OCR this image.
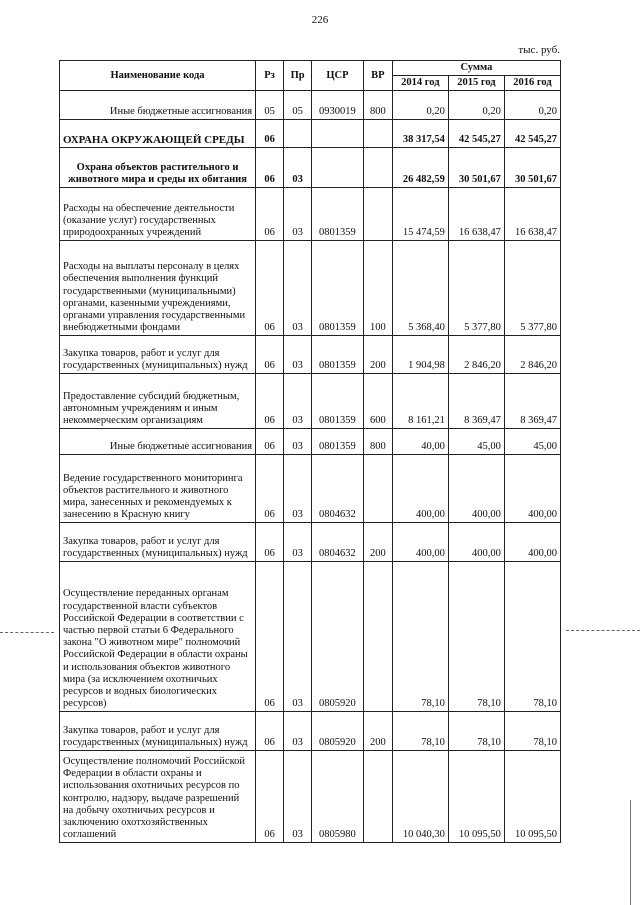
226
тыс. руб.
Наименование кода	Рз	Пр	ЦСР	ВР	Сумма		
					2014 год	2015 год	2016 год
Иные бюджетные ассигнования	05	05	0930019	800	0,20	0,20	0,20
ОХРАНА ОКРУЖАЮЩЕЙ СРЕДЫ	06				38 317,54	42 545,27	42 545,27
Охрана объектов растительного и животного мира и среды их обитания	06	03			26 482,59	30 501,67	30 501,67
Расходы на обеспечение деятельности (оказание услуг) государственных природоохранных учреждений	06	03	0801359		15 474,59	16 638,47	16 638,47
Расходы на выплаты персоналу в целях обеспечения выполнения функций государственными (муниципальными) органами, казенными учреждениями, органами управления государственными внебюджетными фондами	06	03	0801359	100	5 368,40	5 377,80	5 377,80
Закупка товаров, работ и услуг для государственных (муниципальных) нужд	06	03	0801359	200	1 904,98	2 846,20	2 846,20
Предоставление субсидий бюджетным, автономным учреждениям и иным некоммерческим организациям	06	03	0801359	600	8 161,21	8 369,47	8 369,47
Иные бюджетные ассигнования	06	03	0801359	800	40,00	45,00	45,00
Ведение государственного мониторинга объектов растительного и животного мира, занесенных и рекомендуемых к занесению в Красную книгу	06	03	0804632		400,00	400,00	400,00
Закупка товаров, работ и услуг для государственных (муниципальных) нужд	06	03	0804632	200	400,00	400,00	400,00
Осуществление переданных органам государственной власти субъектов Российской Федерации в соответствии с частью первой статьи 6 Федерального закона "О животном мире" полномочий Российской Федерации в области охраны и использования объектов животного мира (за исключением охотничьих ресурсов и водных биологических ресурсов)	06	03	0805920		78,10	78,10	78,10
Закупка товаров, работ и услуг для государственных (муниципальных) нужд	06	03	0805920	200	78,10	78,10	78,10
Осуществление полномочий Российской Федерации в области охраны и использования охотничьих ресурсов по контролю, надзору, выдаче разрешений на добычу охотничьих ресурсов и заключению охотхозяйственных соглашений	06	03	0805980		10 040,30	10 095,50	10 095,50
